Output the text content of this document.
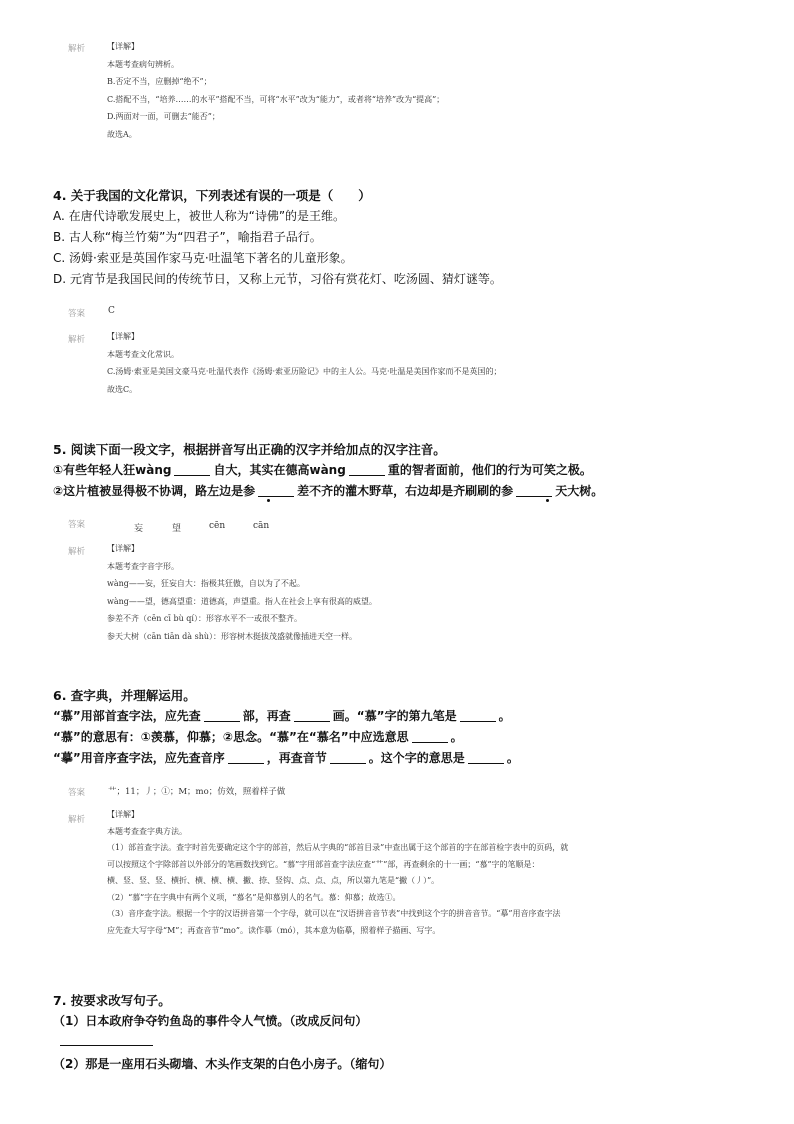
解析	【详解】
本题考查病句辨析。
B.否定不当，应删掉“绝不”；
C.搭配不当，“培养……的水平”搭配不当，可将“水平”改为“能力”，或者将“培养”改为“提高”；
D.两面对一面，可删去“能否”；
故选A。
4. 关于我国的文化常识，下列表述有误的一项是（　　）
A. 在唐代诗歌发展史上，被世人称为“诗佛”的是王维。
B. 古人称“梅兰竹菊”为“四君子”，喻指君子品行。
C. 汤姆·索亚是英国作家马克·吐温笔下著名的儿童形象。
D. 元宵节是我国民间的传统节日，又称上元节，习俗有赏花灯、吃汤圆、猜灯谜等。
答案	C
解析	【详解】
本题考查文化常识。
C.汤姆·索亚是美国文豪马克·吐温代表作《汤姆·索亚历险记》中的主人公。马克·吐温是美国作家而不是英国的；
故选C。
5. 阅读下面一段文字，根据拼音写出正确的汉字并给加点的汉字注音。
①有些年轻人狂wàng	自大，其实在德高wàng	重的智者面前，他们的行为可笑之极。
②这片植被显得极不协调，路左边是参	差不齐的灌木野草，右边却是齐刷刷的参	天大树。
答案	妄	望	cēn	cān
解析	【详解】
本题考查字音字形。
wàng——妄，狂妄自大：指极其狂傲，自以为了不起。
wàng——望，德高望重：道德高，声望重。指人在社会上享有很高的威望。
参差不齐（cēn cī bù qí）：形容水平不一或很不整齐。
参天大树（cān tiān dà shù）：形容树木挺拔茂盛就像插进天空一样。
6. 查字典，并理解运用。
“慕”用部首查字法，应先查	部，再查	画。“慕”字的第九笔是	。
“慕”的意思有：①羡慕，仰慕；②思念。“慕”在“慕名”中应选意思	。
“摹”用音序查字法，应先查音序	，再查音节	。这个字的意思是	。
答案	艹；11；丿；①；M；mo；仿效，照着样子做
解析
【详解】
本题考查查字典方法。
（1）部首查字法。查字时首先要确定这个字的部首，然后从字典的“部首目录”中查出属于这个部首的字在部首检字表中的页码，就
可以按照这个字除部首以外部分的笔画数找到它。“慕”字用部首查字法应查“艹”部，再查剩余的十一画；“慕”字的笔顺是：
横、竖、竖、竖、横折、横、横、横、撇、捺、竖钩、点、点、点，所以第九笔是“撇（丿）”。
（2）“慕”字在字典中有两个义项，“慕名”是仰慕别人的名气。慕：仰慕；故选①。
（3）音序查字法。根据一个字的汉语拼音第一个字母，就可以在“汉语拼音音节表”中找到这个字的拼音音节。“摹”用音序查字法
应先查大写字母“M”；再查音节“mo”。读作摹（mó），其本意为临摹，照着样子描画、写字。
7. 按要求改写句子。
（1）日本政府争夺钓鱼岛的事件令人气愤。（改成反问句）
（2）那是一座用石头砌墙、木头作支架的白色小房子。（缩句）
